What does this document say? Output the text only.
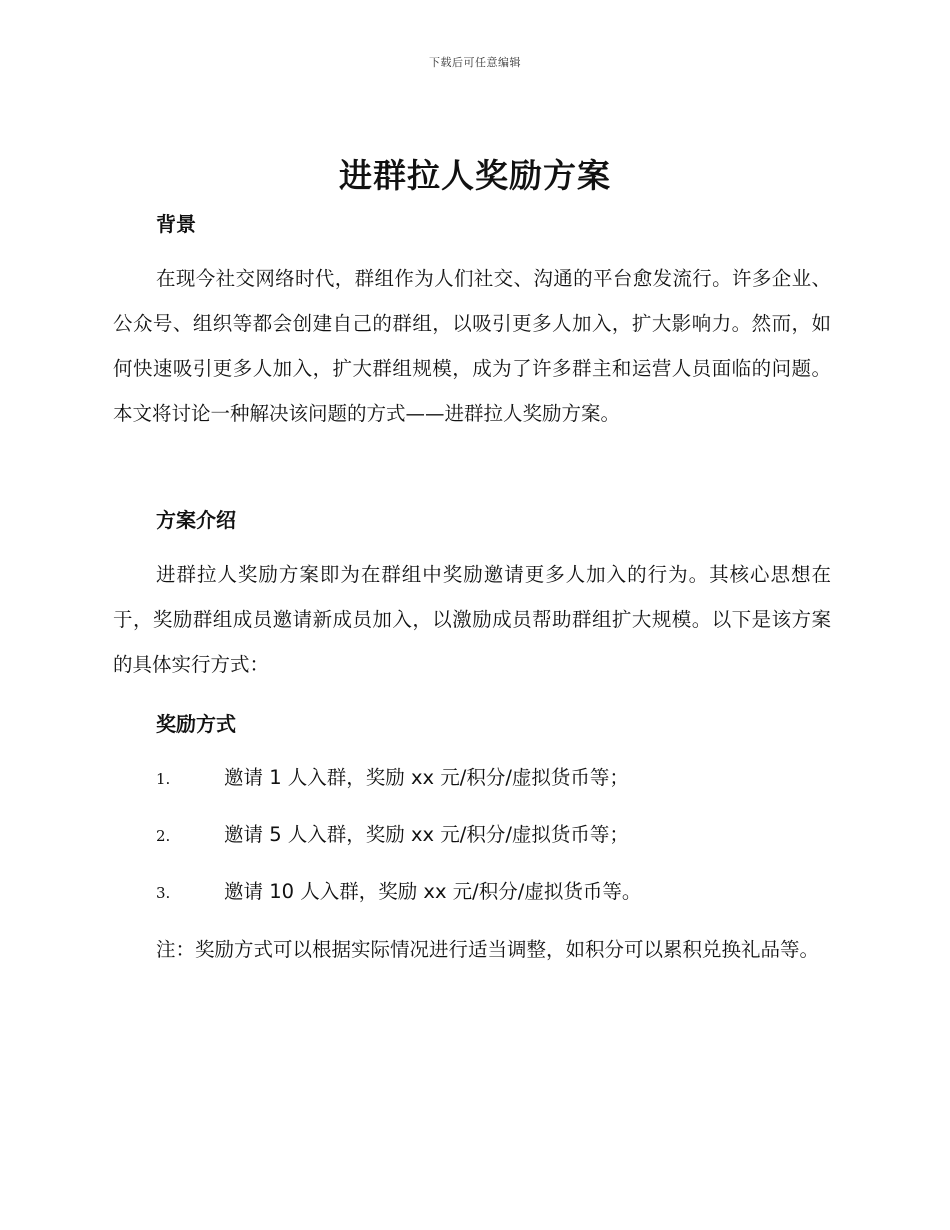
下载后可任意编辑
进群拉人奖励方案
背景

在现今社交网络时代，群组作为人们社交、沟通的平台愈发流行。许多企业、公众号、组织等都会创建自己的群组，以吸引更多人加入，扩大影响力。然而，如何快速吸引更多人加入，扩大群组规模，成为了许多群主和运营人员面临的问题。本文将讨论一种解决该问题的方式——进群拉人奖励方案。

方案介绍

进群拉人奖励方案即为在群组中奖励邀请更多人加入的行为。其核心思想在于，奖励群组成员邀请新成员加入，以激励成员帮助群组扩大规模。以下是该方案的具体实行方式：

奖励方式
1.	邀请 1 人入群，奖励 xx 元/积分/虚拟货币等；
2.	邀请 5 人入群，奖励 xx 元/积分/虚拟货币等；
3.	邀请 10 人入群，奖励 xx 元/积分/虚拟货币等。

注：奖励方式可以根据实际情况进行适当调整，如积分可以累积兑换礼品等。
